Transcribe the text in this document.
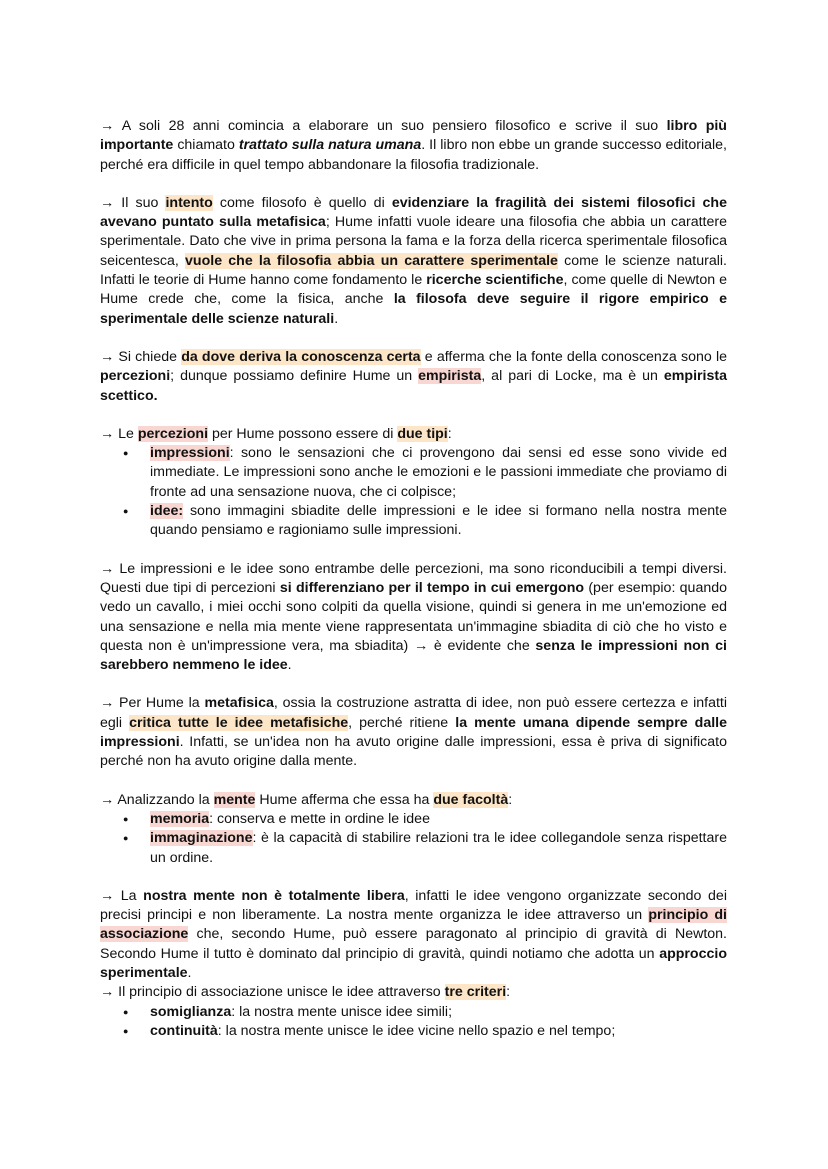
→ A soli 28 anni comincia a elaborare un suo pensiero filosofico e scrive il suo libro più importante chiamato trattato sulla natura umana. Il libro non ebbe un grande successo editoriale, perché era difficile in quel tempo abbandonare la filosofia tradizionale.

→ Il suo intento come filosofo è quello di evidenziare la fragilità dei sistemi filosofici che avevano puntato sulla metafisica; Hume infatti vuole ideare una filosofia che abbia un carattere sperimentale. Dato che vive in prima persona la fama e la forza della ricerca sperimentale filosofica seicentesca, vuole che la filosofia abbia un carattere sperimentale come le scienze naturali. Infatti le teorie di Hume hanno come fondamento le ricerche scientifiche, come quelle di Newton e Hume crede che, come la fisica, anche la filosofa deve seguire il rigore empirico e sperimentale delle scienze naturali.

→ Si chiede da dove deriva la conoscenza certa e afferma che la fonte della conoscenza sono le percezioni; dunque possiamo definire Hume un empirista, al pari di Locke, ma è un empirista scettico.

→ Le percezioni per Hume possono essere di due tipi:

● impressioni: sono le sensazioni che ci provengono dai sensi ed esse sono vivide ed immediate. Le impressioni sono anche le emozioni e le passioni immediate che proviamo di fronte ad una sensazione nuova, che ci colpisce;
● idee: sono immagini sbiadite delle impressioni e le idee si formano nella nostra mente quando pensiamo e ragioniamo sulle impressioni.

→ Le impressioni e le idee sono entrambe delle percezioni, ma sono riconducibili a tempi diversi. Questi due tipi di percezioni si differenziano per il tempo in cui emergono (per esempio: quando vedo un cavallo, i miei occhi sono colpiti da quella visione, quindi si genera in me un'emozione ed una sensazione e nella mia mente viene rappresentata un'immagine sbiadita di ciò che ho visto e questa non è un'impressione vera, ma sbiadita) → è evidente che senza le impressioni non ci sarebbero nemmeno le idee.

→ Per Hume la metafisica, ossia la costruzione astratta di idee, non può essere certezza e infatti egli critica tutte le idee metafisiche, perché ritiene la mente umana dipende sempre dalle impressioni. Infatti, se un'idea non ha avuto origine dalle impressioni, essa è priva di significato perché non ha avuto origine dalla mente.

→ Analizzando la mente Hume afferma che essa ha due facoltà:

● memoria: conserva e mette in ordine le idee
● immaginazione: è la capacità di stabilire relazioni tra le idee collegandole senza rispettare un ordine.

→ La nostra mente non è totalmente libera, infatti le idee vengono organizzate secondo dei precisi principi e non liberamente. La nostra mente organizza le idee attraverso un principio di associazione che, secondo Hume, può essere paragonato al principio di gravità di Newton. Secondo Hume il tutto è dominato dal principio di gravità, quindi notiamo che adotta un approccio sperimentale.

→ Il principio di associazione unisce le idee attraverso tre criteri:

● somiglianza: la nostra mente unisce idee simili;
● continuità: la nostra mente unisce le idee vicine nello spazio e nel tempo;
